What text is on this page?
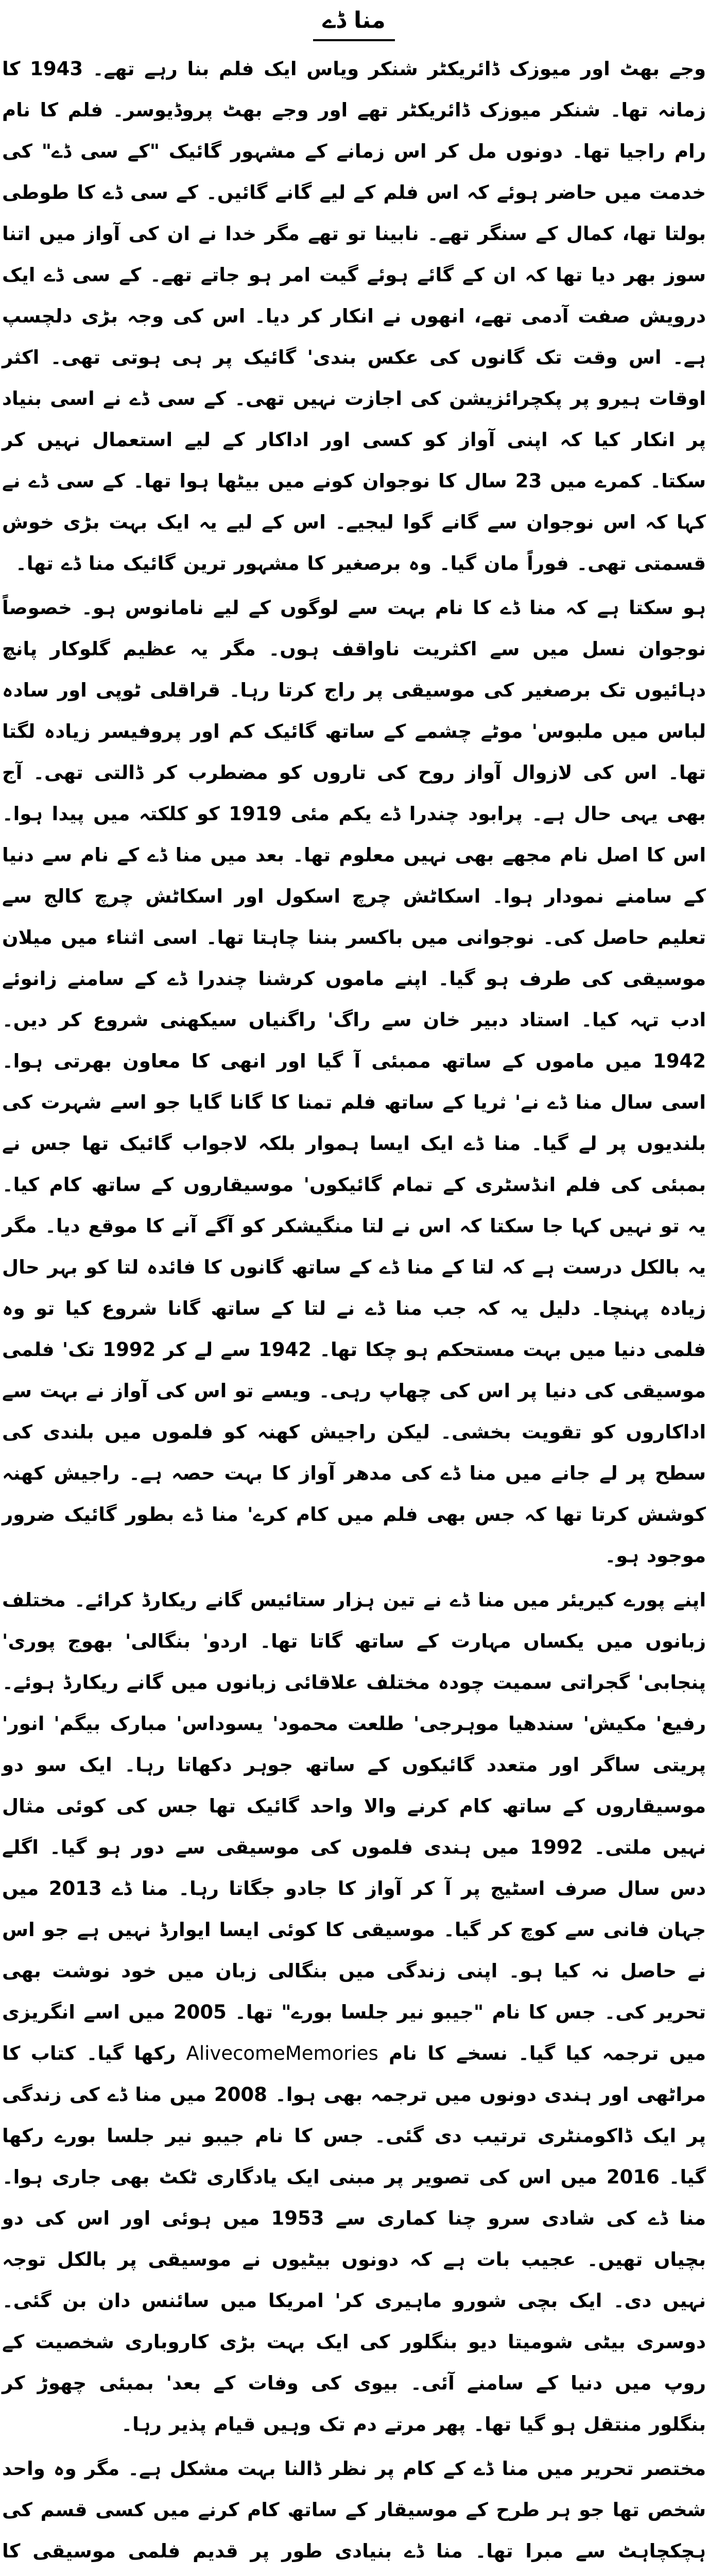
منا ڈے

وجے بھٹ اور میوزک ڈائریکٹر شنکر ویاس ایک فلم بنا رہے تھے۔ 1943 کا زمانہ تھا۔ شنکر میوزک ڈائریکٹر تھے اور وجے بھٹ پروڈیوسر۔ فلم کا نام رام راجیا تھا۔ دونوں مل کر اس زمانے کے مشہور گائیک "کے سی ڈے" کی خدمت میں حاضر ہوئے کہ اس فلم کے لیے گانے گائیں۔ کے سی ڈے کا طوطی بولتا تھا، کمال کے سنگر تھے۔ نابینا تو تھے مگر خدا نے ان کی آواز میں اتنا سوز بھر دیا تھا کہ ان کے گائے ہوئے گیت امر ہو جاتے تھے۔ کے سی ڈے ایک درویش صفت آدمی تھے، انھوں نے انکار کر دیا۔ اس کی وجہ بڑی دلچسپ ہے۔ اس وقت تک گانوں کی عکس بندی' گائیک پر ہی ہوتی تھی۔ اکثر اوقات ہیرو پر پکچرائزیشن کی اجازت نہیں تھی۔ کے سی ڈے نے اسی بنیاد پر انکار کیا کہ اپنی آواز کو کسی اور اداکار کے لیے استعمال نہیں کر سکتا۔ کمرے میں 23 سال کا نوجوان کونے میں بیٹھا ہوا تھا۔ کے سی ڈے نے کہا کہ اس نوجوان سے گانے گوا لیجیے۔ اس کے لیے یہ ایک بہت بڑی خوش قسمتی تھی۔ فوراً مان گیا۔ وہ برصغیر کا مشہور ترین گائیک منا ڈے تھا۔

ہو سکتا ہے کہ منا ڈے کا نام بہت سے لوگوں کے لیے نامانوس ہو۔ خصوصاً نوجوان نسل میں سے اکثریت ناواقف ہوں۔ مگر یہ عظیم گلوکار پانچ دہائیوں تک برصغیر کی موسیقی پر راج کرتا رہا۔ قراقلی ٹوپی اور سادہ لباس میں ملبوس' موٹے چشمے کے ساتھ گائیک کم اور پروفیسر زیادہ لگتا تھا۔ اس کی لازوال آواز روح کی تاروں کو مضطرب کر ڈالتی تھی۔ آج بھی یہی حال ہے۔ پرابود چندرا ڈے یکم مئی 1919 کو کلکتہ میں پیدا ہوا۔ اس کا اصل نام مجھے بھی نہیں معلوم تھا۔ بعد میں منا ڈے کے نام سے دنیا کے سامنے نمودار ہوا۔ اسکاٹش چرچ اسکول اور اسکاٹش چرچ کالج سے تعلیم حاصل کی۔ نوجوانی میں باکسر بننا چاہتا تھا۔ اسی اثناء میں میلان موسیقی کی طرف ہو گیا۔ اپنے ماموں کرشنا چندرا ڈے کے سامنے زانوئے ادب تہہ کیا۔ استاد دبیر خان سے راگ' راگنیاں سیکھنی شروع کر دیں۔ 1942 میں ماموں کے ساتھ ممبئی آ گیا اور انھی کا معاون بھرتی ہوا۔ اسی سال منا ڈے نے' ثریا کے ساتھ فلم تمنا کا گانا گایا جو اسے شہرت کی بلندیوں پر لے گیا۔ منا ڈے ایک ایسا ہموار بلکہ لاجواب گائیک تھا جس نے بمبئی کی فلم انڈسٹری کے تمام گائیکوں' موسیقاروں کے ساتھ کام کیا۔ یہ تو نہیں کہا جا سکتا کہ اس نے لتا منگیشکر کو آگے آنے کا موقع دیا۔ مگر یہ بالکل درست ہے کہ لتا کے منا ڈے کے ساتھ گانوں کا فائدہ لتا کو بہر حال زیادہ پہنچا۔ دلیل یہ کہ جب منا ڈے نے لتا کے ساتھ گانا شروع کیا تو وہ فلمی دنیا میں بہت مستحکم ہو چکا تھا۔ 1942 سے لے کر 1992 تک' فلمی موسیقی کی دنیا پر اس کی چھاپ رہی۔ ویسے تو اس کی آواز نے بہت سے اداکاروں کو تقویت بخشی۔ لیکن راجیش کھنہ کو فلموں میں بلندی کی سطح پر لے جانے میں منا ڈے کی مدھر آواز کا بہت حصہ ہے۔ راجیش کھنہ کوشش کرتا تھا کہ جس بھی فلم میں کام کرے' منا ڈے بطور گائیک ضرور موجود ہو۔

اپنے پورے کیریئر میں منا ڈے نے تین ہزار ستائیس گانے ریکارڈ کرائے۔ مختلف زبانوں میں یکساں مہارت کے ساتھ گاتا تھا۔ اردو' بنگالی' بھوج پوری' پنجابی' گجراتی سمیت چودہ مختلف علاقائی زبانوں میں گانے ریکارڈ ہوئے۔ رفیع' مکیش' سندھیا موہرجی' طلعت محمود' یسوداس' مبارک بیگم' انور' پریتی ساگر اور متعدد گائیکوں کے ساتھ جوہر دکھاتا رہا۔ ایک سو دو موسیقاروں کے ساتھ کام کرنے والا واحد گائیک تھا جس کی کوئی مثال نہیں ملتی۔ 1992 میں ہندی فلموں کی موسیقی سے دور ہو گیا۔ اگلے دس سال صرف اسٹیج پر آ کر آواز کا جادو جگاتا رہا۔ منا ڈے 2013 میں جہان فانی سے کوچ کر گیا۔ موسیقی کا کوئی ایسا ایوارڈ نہیں ہے جو اس نے حاصل نہ کیا ہو۔ اپنی زندگی میں بنگالی زبان میں خود نوشت بھی تحریر کی۔ جس کا نام "جیبو نیر جلسا بورے" تھا۔ 2005 میں اسے انگریزی میں ترجمہ کیا گیا۔ نسخے کا نام AlivecomeMemories رکھا گیا۔ کتاب کا مراٹھی اور ہندی دونوں میں ترجمہ بھی ہوا۔ 2008 میں منا ڈے کی زندگی پر ایک ڈاکومنٹری ترتیب دی گئی۔ جس کا نام جیبو نیر جلسا بورے رکھا گیا۔ 2016 میں اس کی تصویر پر مبنی ایک یادگاری ٹکٹ بھی جاری ہوا۔ منا ڈے کی شادی سرو چنا کماری سے 1953 میں ہوئی اور اس کی دو بچیاں تھیں۔ عجیب بات ہے کہ دونوں بیٹیوں نے موسیقی پر بالکل توجہ نہیں دی۔ ایک بچی شورو ماہیری کر' امریکا میں سائنس دان بن گئی۔ دوسری بیٹی شومیتا دیو بنگلور کی ایک بہت بڑی کاروباری شخصیت کے روپ میں دنیا کے سامنے آئی۔ بیوی کی وفات کے بعد' بمبئی چھوڑ کر بنگلور منتقل ہو گیا تھا۔ پھر مرتے دم تک وہیں قیام پذیر رہا۔

مختصر تحریر میں منا ڈے کے کام پر نظر ڈالنا بہت مشکل ہے۔ مگر وہ واحد شخص تھا جو ہر طرح کے موسیقار کے ساتھ کام کرنے میں کسی قسم کی ہچکچاہٹ سے مبرا تھا۔ منا ڈے بنیادی طور پر قدیم فلمی موسیقی کا
